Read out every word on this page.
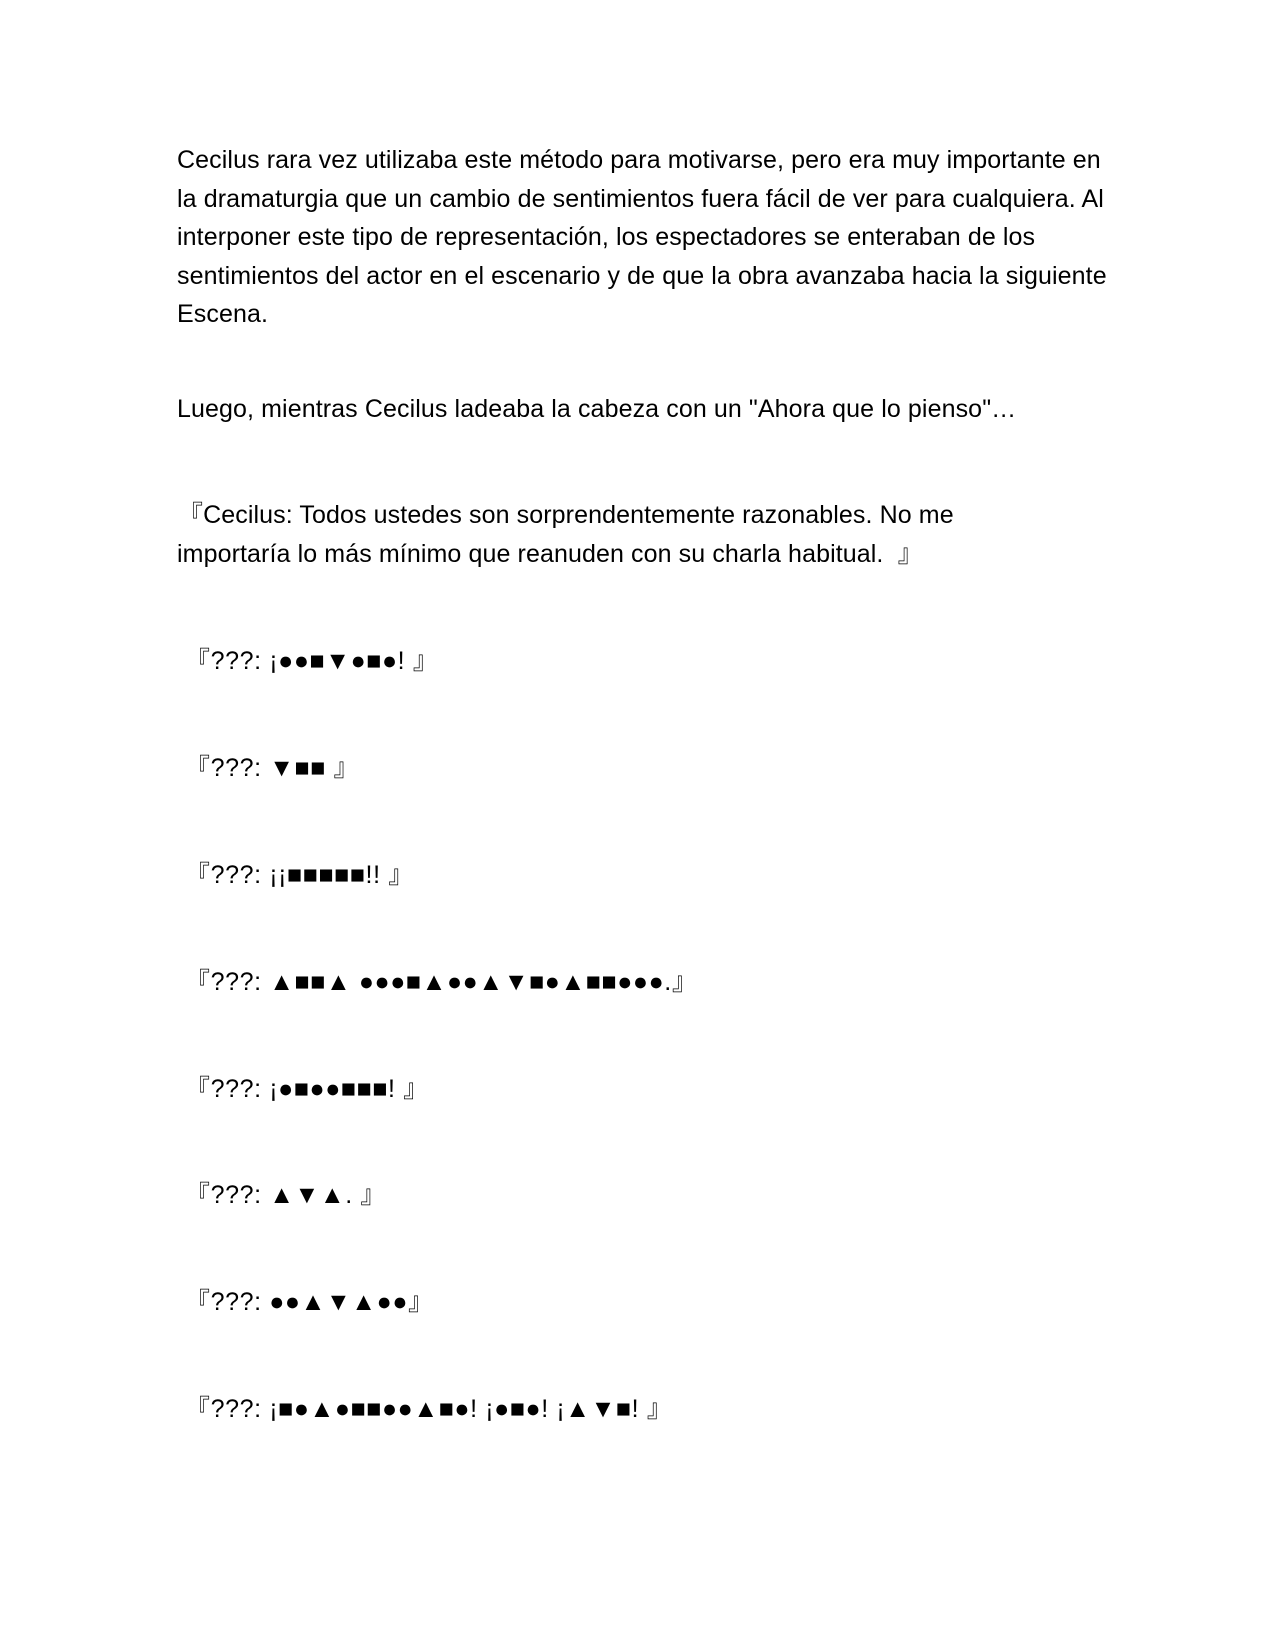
Cecilus rara vez utilizaba este método para motivarse, pero era muy importante en la dramaturgia que un cambio de sentimientos fuera fácil de ver para cualquiera. Al interponer este tipo de representación, los espectadores se enteraban de los sentimientos del actor en el escenario y de que la obra avanzaba hacia la siguiente Escena.

Luego, mientras Cecilus ladeaba la cabeza con un "Ahora que lo pienso"…

『Cecilus: Todos ustedes son sorprendentemente razonables. No me

importaría lo más mínimo que reanuden con su charla habitual.  』

『???: ¡●●■▼●■●! 』

『???: ▼■■ 』

『???: ¡¡■■■■■!! 』

『???: ▲■■▲ ●●●■▲●●▲▼■●▲■■●●●.』

『???: ¡●■●●■■■! 』

『???: ▲▼▲. 』

『???: ●●▲▼▲●●』

『???: ¡■●▲●■■●●▲■●! ¡●■●! ¡▲▼■! 』
